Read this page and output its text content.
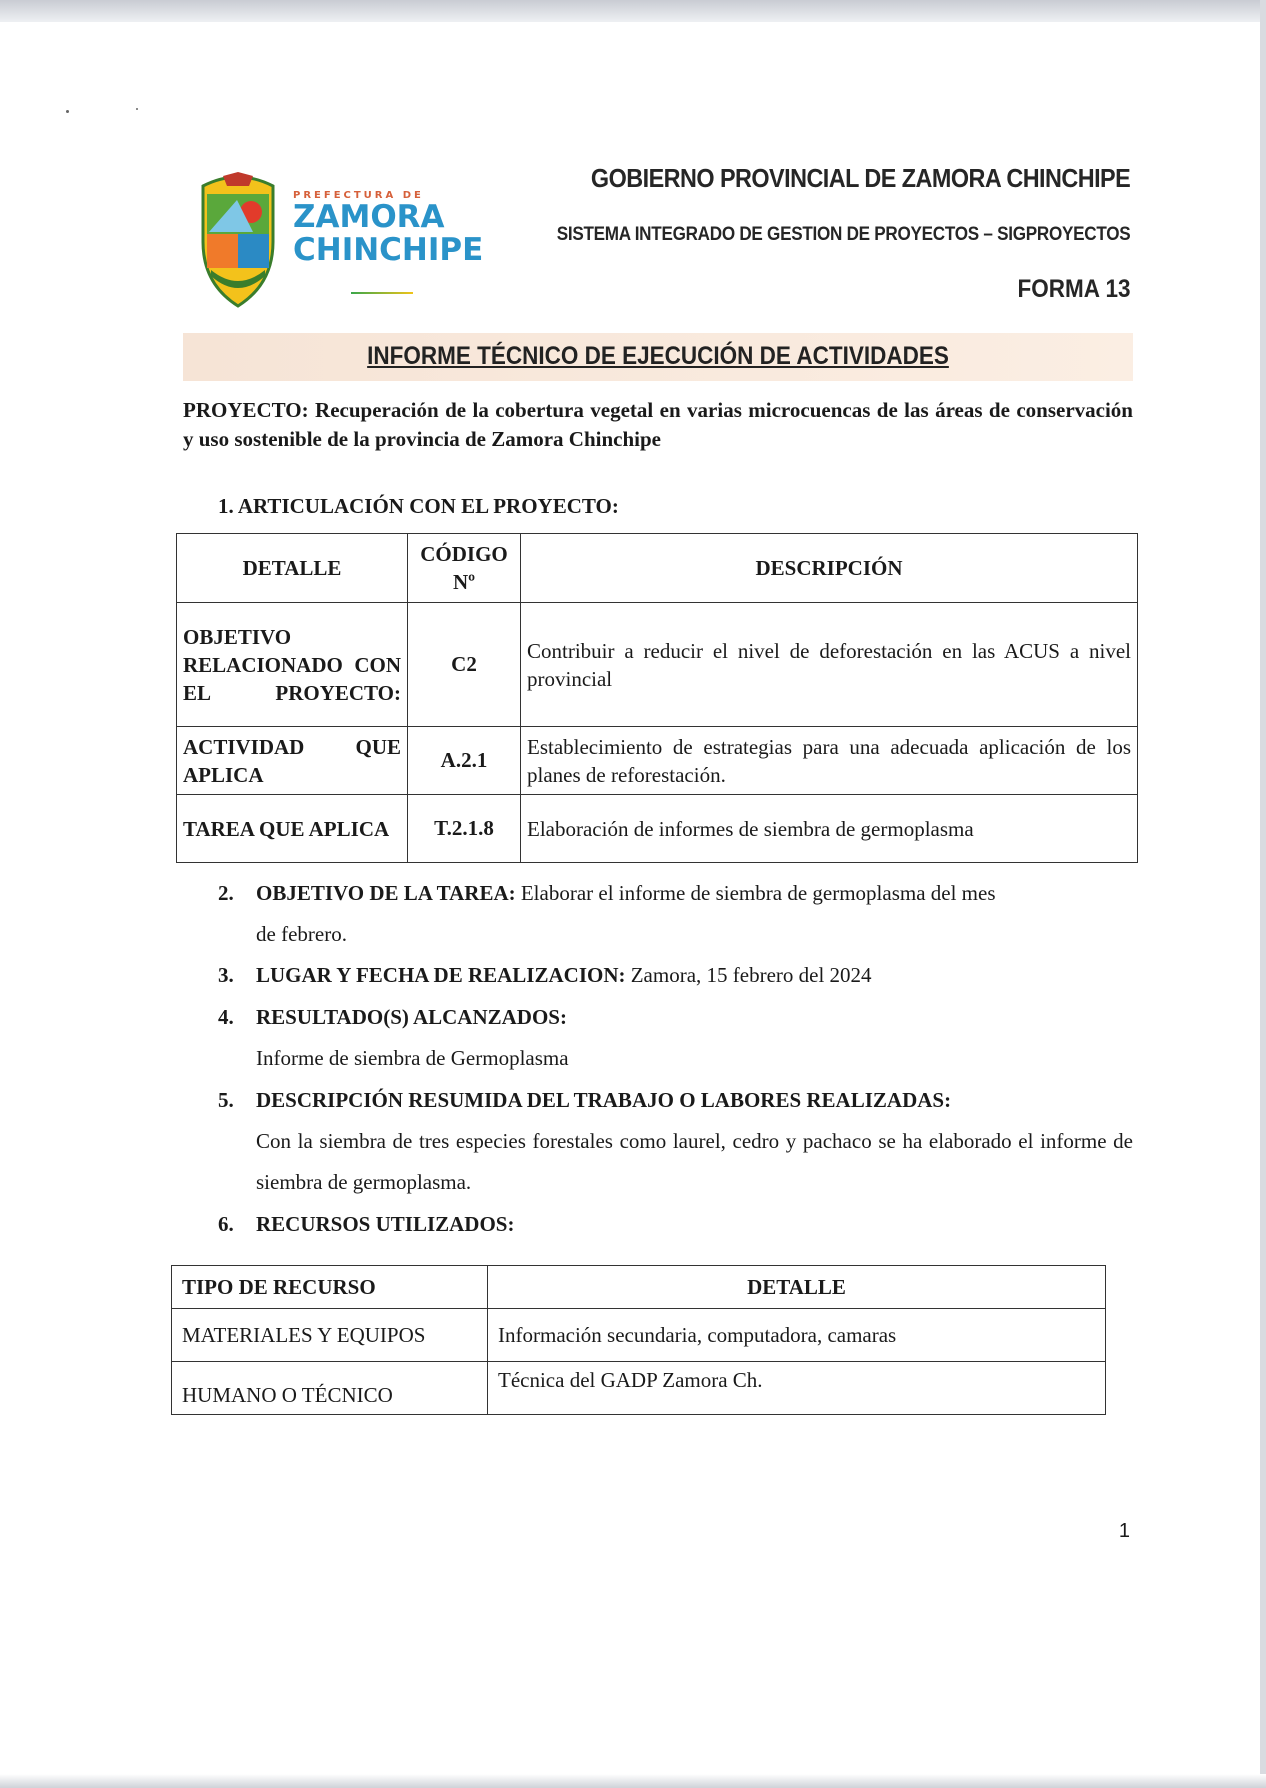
PREFECTURA DE
ZAMORA
CHINCHIPE
GOBIERNO PROVINCIAL DE ZAMORA CHINCHIPE
SISTEMA INTEGRADO DE GESTION DE PROYECTOS – SIGPROYECTOS
FORMA 13
INFORME TÉCNICO DE EJECUCIÓN DE ACTIVIDADES
PROYECTO: Recuperación de la cobertura vegetal en varias microcuencas de las áreas de conservación y uso sostenible de la provincia de Zamora Chinchipe
1. ARTICULACIÓN CON EL PROYECTO:
DETALLE	CÓDIGO Nº	DESCRIPCIÓN
OBJETIVO RELACIONADO CON EL PROYECTO:	C2	Contribuir a reducir el nivel de deforestación en las ACUS a nivel provincial
ACTIVIDAD QUE APLICA	A.2.1	Establecimiento de estrategias para una adecuada aplicación de los planes de reforestación.
TAREA QUE APLICA	T.2.1.8	Elaboración de informes de siembra de germoplasma
2. OBJETIVO DE LA TAREA: Elaborar el informe de siembra de germoplasma del mes
de febrero.
3. LUGAR Y FECHA DE REALIZACION: Zamora, 15 febrero del 2024
4. RESULTADO(S) ALCANZADOS:
Informe de siembra de Germoplasma
5. DESCRIPCIÓN RESUMIDA DEL TRABAJO O LABORES REALIZADAS:
Con la siembra de tres especies forestales como laurel, cedro y pachaco se ha elaborado el informe de siembra de germoplasma.
6. RECURSOS UTILIZADOS:
TIPO DE RECURSO	DETALLE
MATERIALES Y EQUIPOS	Información secundaria, computadora, camaras
HUMANO O TÉCNICO	Técnica del GADP Zamora Ch.
1
